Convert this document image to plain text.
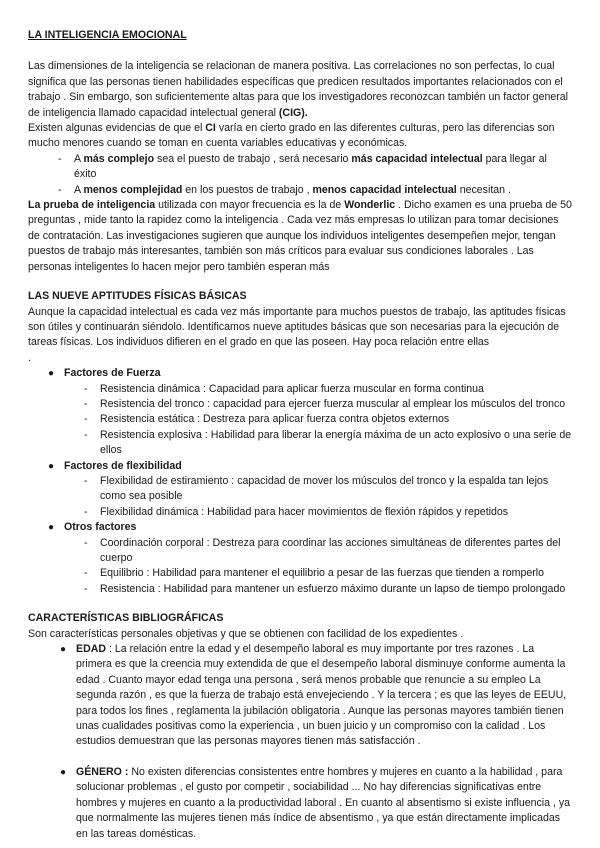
LA INTELIGENCIA EMOCIONAL

Las dimensiones de la inteligencia se relacionan de manera positiva. Las correlaciones no son perfectas, lo cual significa que las personas tienen habilidades específicas que predicen resultados importantes relacionados con el trabajo . Sin embargo, son suficientemente altas para que los investigadores reconozcan también un factor general de inteligencia llamado capacidad intelectual general (CIG).

Existen algunas evidencias de que el CI varía en cierto grado en las diferentes culturas, pero las diferencias son mucho menores cuando se toman en cuenta variables educativas y económicas.

- A más complejo sea el puesto de trabajo , será necesario más capacidad intelectual para llegar al éxito
- A menos complejidad en los puestos de trabajo , menos capacidad intelectual necesitan .

La prueba de inteligencia utilizada con mayor frecuencia es la de Wonderlic . Dicho examen es una prueba de 50 preguntas , mide tanto la rapidez como la inteligencia . Cada vez más empresas lo utilizan para tomar decisiones de contratación. Las investigaciones sugieren que aunque los individuos inteligentes desempeñen mejor, tengan puestos de trabajo más interesantes, también son más críticos para evaluar sus condiciones laborales . Las personas inteligentes lo hacen mejor pero también esperan más

LAS NUEVE APTITUDES FÍSICAS BÁSICAS

Aunque la capacidad intelectual es cada vez más importante para muchos puestos de trabajo, las aptitudes físicas son útiles y continuarán siéndolo. Identificamos nueve aptitudes básicas que son necesarias para la ejecución de tareas físicas. Los individuos difieren en el grado en que las poseen. Hay poca relación entre ellas
.

● Factores de Fuerza
- Resistencia dinámica : Capacidad para aplicar fuerza muscular en forma continua
- Resistencia del tronco : capacidad para ejercer fuerza muscular al emplear los músculos del tronco
- Resistencia estática : Destreza para aplicar fuerza contra objetos externos
- Resistencia explosiva : Habilidad para liberar la energía máxima de un acto explosivo o una serie de ellos
● Factores de flexibilidad
- Flexibilidad de estiramiento : capacidad de mover los músculos del tronco y la espalda tan lejos como sea posible
- Flexibilidad dinámica : Habilidad para hacer movimientos de flexión rápidos y repetidos
● Otros factores
- Coordinación corporal : Destreza para coordinar las acciones simultáneas de diferentes partes del cuerpo
- Equilibrio : Habilidad para mantener el equilibrio a pesar de las fuerzas que tienden a romperlo
- Resistencia : Habilidad para mantener un esfuerzo máximo durante un lapso de tiempo prolongado
CARACTERÍSTICAS BIBLIOGRÁFICAS

Son características personales objetivas y que se obtienen con facilidad de los expedientes .

● EDAD : La relación entre la edad y el desempeño laboral es muy importante por tres razones . La primera es que la creencia muy extendida de que el desempeño laboral disminuye conforme aumenta la edad . Cuanto mayor edad tenga una persona , será menos probable que renuncie a su empleo La segunda razón , es que la fuerza de trabajo está envejeciendo . Y la tercera ; es que las leyes de EEUU, para todos los fines , reglamenta la jubilación obligatoria . Aunque las personas mayores también tienen unas cualidades positivas como la experiencia , un buen juicio y un compromiso con la calidad . Los estudios demuestran que las personas mayores tienen más satisfacción .
● GÉNERO : No existen diferencias consistentes entre hombres y mujeres en cuanto a la habilidad , para solucionar problemas , el gusto por competir , sociabilidad ... No hay diferencias significativas entre hombres y mujeres en cuanto a la productividad laboral . En cuanto al absentismo si existe influencia , ya que normalmente las mujeres tienen más índice de absentismo , ya que están directamente implicadas en las tareas domésticas.
